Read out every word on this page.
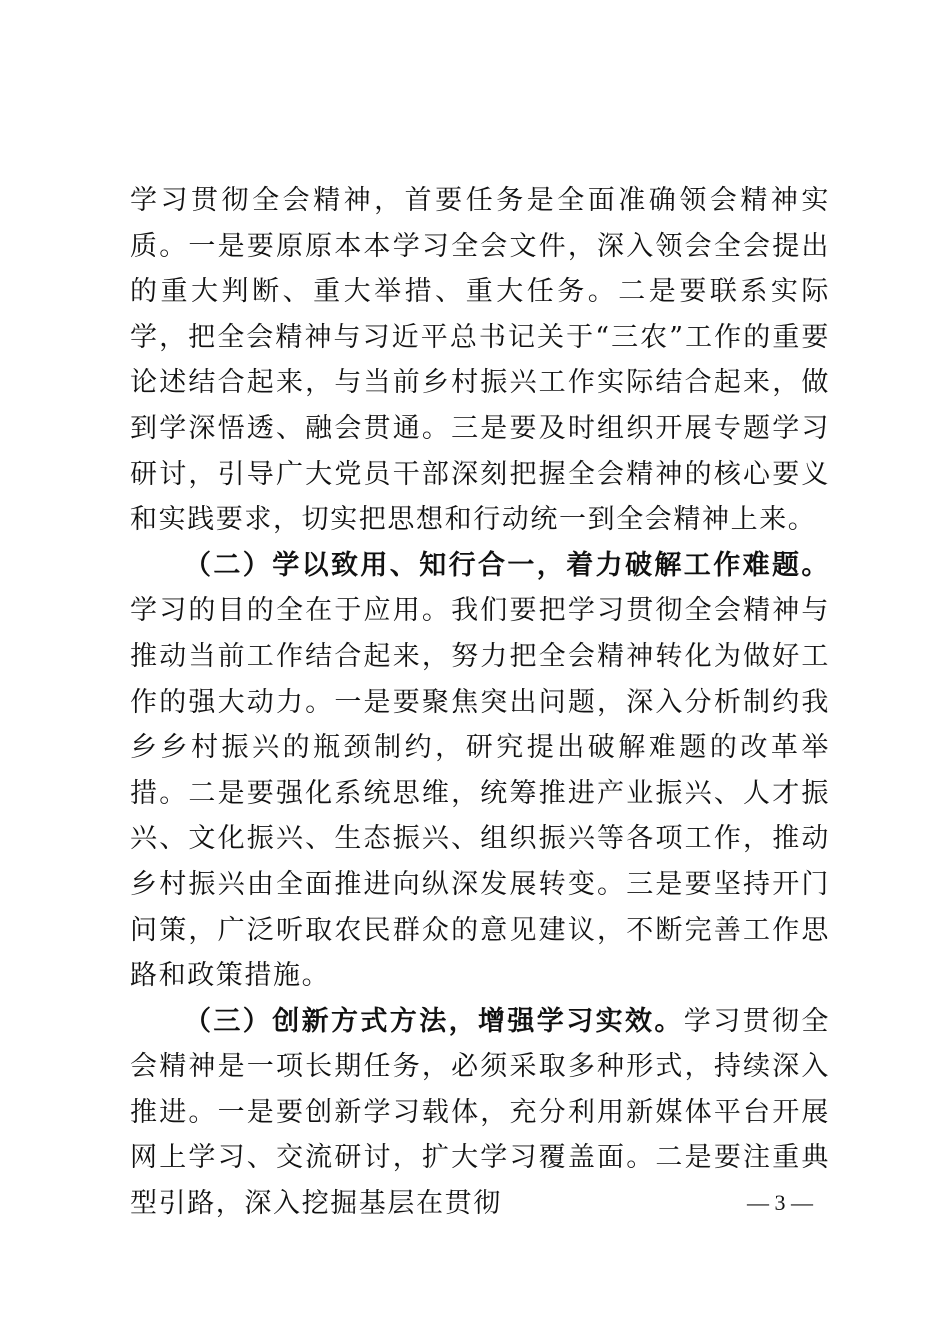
学习贯彻全会精神，首要任务是全面准确领会精神实质。一是要原原本本学习全会文件，深入领会全会提出的重大判断、重大举措、重大任务。二是要联系实际学，把全会精神与习近平总书记关于“三农”工作的重要论述结合起来，与当前乡村振兴工作实际结合起来，做到学深悟透、融会贯通。三是要及时组织开展专题学习研讨，引导广大党员干部深刻把握全会精神的核心要义和实践要求，切实把思想和行动统一到全会精神上来。

（二）学以致用、知行合一，着力破解工作难题。学习的目的全在于应用。我们要把学习贯彻全会精神与推动当前工作结合起来，努力把全会精神转化为做好工作的强大动力。一是要聚焦突出问题，深入分析制约我乡乡村振兴的瓶颈制约，研究提出破解难题的改革举措。二是要强化系统思维，统筹推进产业振兴、人才振兴、文化振兴、生态振兴、组织振兴等各项工作，推动乡村振兴由全面推进向纵深发展转变。三是要坚持开门问策，广泛听取农民群众的意见建议，不断完善工作思路和政策措施。

（三）创新方式方法，增强学习实效。学习贯彻全会精神是一项长期任务，必须采取多种形式，持续深入推进。一是要创新学习载体，充分利用新媒体平台开展网上学习、交流研讨，扩大学习覆盖面。二是要注重典型引路，深入挖掘基层在贯彻	— 3 —
